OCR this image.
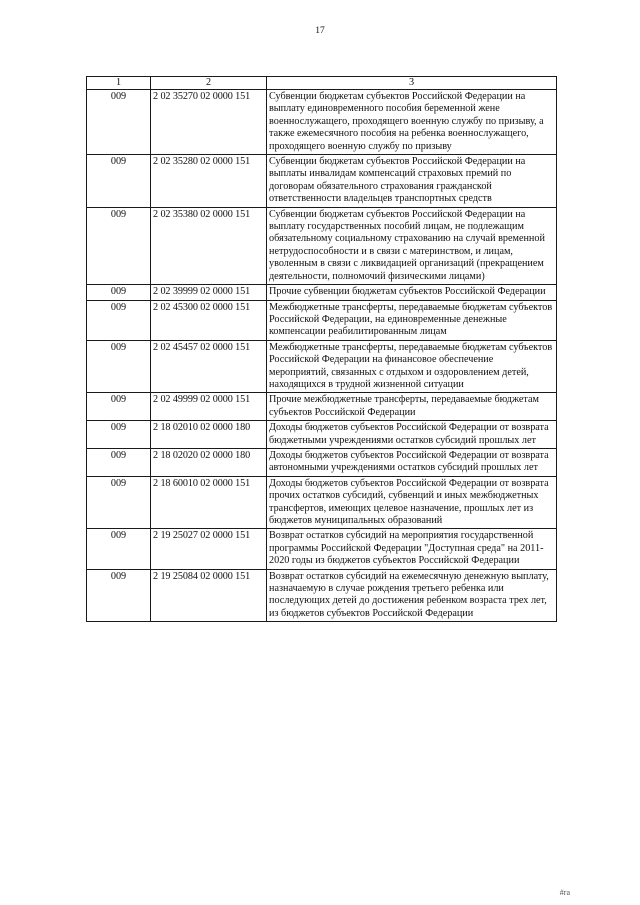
17
1	2	3
009	2 02 35270 02 0000 151	Субвенции бюджетам субъектов Российской Федерации на выплату единовременного пособия беременной жене военнослужащего, проходящего военную службу по призыву, а также ежемесячного пособия на ребенка военнослужащего, проходящего военную службу по призыву
009	2 02 35280 02 0000 151	Субвенции бюджетам субъектов Российской Федерации на выплаты инвалидам компенсаций страховых премий по договорам обязательного страхования гражданской ответственности владельцев транспортных средств
009	2 02 35380 02 0000 151	Субвенции бюджетам субъектов Российской Федерации на выплату государственных пособий лицам, не подлежащим обязательному социальному страхованию на случай временной нетрудоспособности и в связи с материнством, и лицам, уволенным в связи с ликвидацией организаций (прекращением деятельности, полномочий физическими лицами)
009	2 02 39999 02 0000 151	Прочие субвенции бюджетам субъектов Российской Федерации
009	2 02 45300 02 0000 151	Межбюджетные трансферты, передаваемые бюджетам субъектов Российской Федерации, на единовременные денежные компенсации реабилитированным лицам
009	2 02 45457 02 0000 151	Межбюджетные трансферты, передаваемые бюджетам субъектов Российской Федерации на финансовое обеспечение мероприятий, связанных с отдыхом и оздоровлением детей, находящихся в трудной жизненной ситуации
009	2 02 49999 02 0000 151	Прочие межбюджетные трансферты, передаваемые бюджетам субъектов Российской Федерации
009	2 18 02010 02 0000 180	Доходы бюджетов субъектов Российской Федерации от возврата бюджетными учреждениями остатков субсидий прошлых лет
009	2 18 02020 02 0000 180	Доходы бюджетов субъектов Российской Федерации от возврата автономными учреждениями остатков субсидий прошлых лет
009	2 18 60010 02 0000 151	Доходы бюджетов субъектов Российской Федерации от возврата прочих остатков субсидий, субвенций и иных межбюджетных трансфертов, имеющих целевое назначение, прошлых лет из бюджетов муниципальных образований
009	2 19 25027 02 0000 151	Возврат остатков субсидий на мероприятия государственной программы Российской Федерации "Доступная среда" на 2011-2020 годы из бюджетов субъектов Российской Федерации
009	2 19 25084 02 0000 151	Возврат остатков субсидий на ежемесячную денежную выплату, назначаемую в случае рождения третьего ребенка или последующих детей до достижения ребенком возраста трех лет, из бюджетов субъектов Российской Федерации
#ra
